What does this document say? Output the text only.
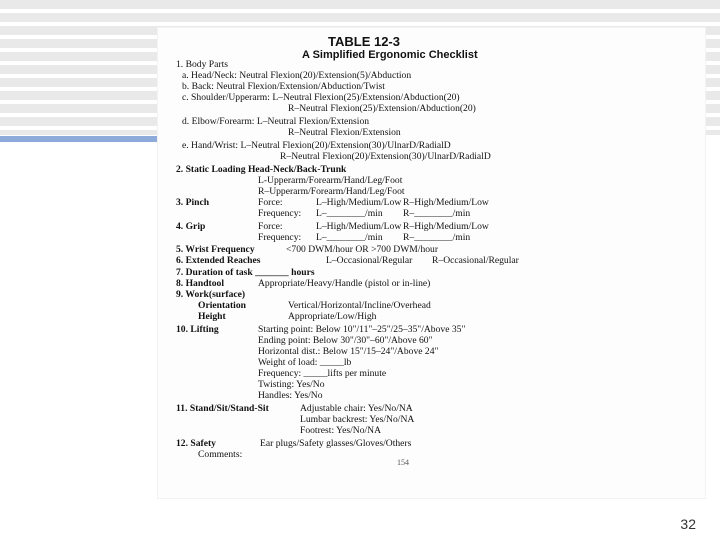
TABLE 12-3
A Simplified Ergonomic Checklist
1. Body Parts
a. Head/Neck: Neutral Flexion(20)/Extension(5)/Abduction
b. Back: Neutral Flexion/Extension/Abduction/Twist
c. Shoulder/Upperarm: L–Neutral Flexion(25)/Extension/Abduction(20)
R–Neutral Flexion(25)/Extension/Abduction(20)
d. Elbow/Forearm: L–Neutral Flexion/Extension
R–Neutral Flexion/Extension
e. Hand/Wrist: L–Neutral Flexion(20)/Extension(30)/UlnarD/RadialD
R–Neutral Flexion(20)/Extension(30)/UlnarD/RadialD
2. Static Loading Head-Neck/Back-Trunk
L-Upperarm/Forearm/Hand/Leg/Foot
R–Upperarm/Forearm/Hand/Leg/Foot
3. Pinch	Force:	L–High/Medium/Low R–High/Medium/Low
Frequency: L–________/min R–________/min
4. Grip	Force:	L–High/Medium/Low R–High/Medium/Low
Frequency: L–________/min R–________/min
5. Wrist Frequency	<700 DWM/hour OR >700 DWM/hour
6. Extended Reaches	L–Occasional/Regular R–Occasional/Regular
7. Duration of task _______ hours
8. Handtool	Appropriate/Heavy/Handle (pistol or in-line)
9. Work(surface)
Orientation	Vertical/Horizontal/Incline/Overhead
Height	Appropriate/Low/High
10. Lifting	Starting point: Below 10"/11"–25"/25–35"/Above 35"
Ending point: Below 30"/30"–60"/Above 60"
Horizontal dist.: Below 15"/15–24"/Above 24"
Weight of load: _____lb
Frequency: _____lifts per minute
Twisting: Yes/No
Handles: Yes/No
11. Stand/Sit/Stand-Sit	Adjustable chair: Yes/No/NA
Lumbar backrest: Yes/No/NA
Footrest: Yes/No/NA
12. Safety	Ear plugs/Safety glasses/Gloves/Others
Comments:
154
32
